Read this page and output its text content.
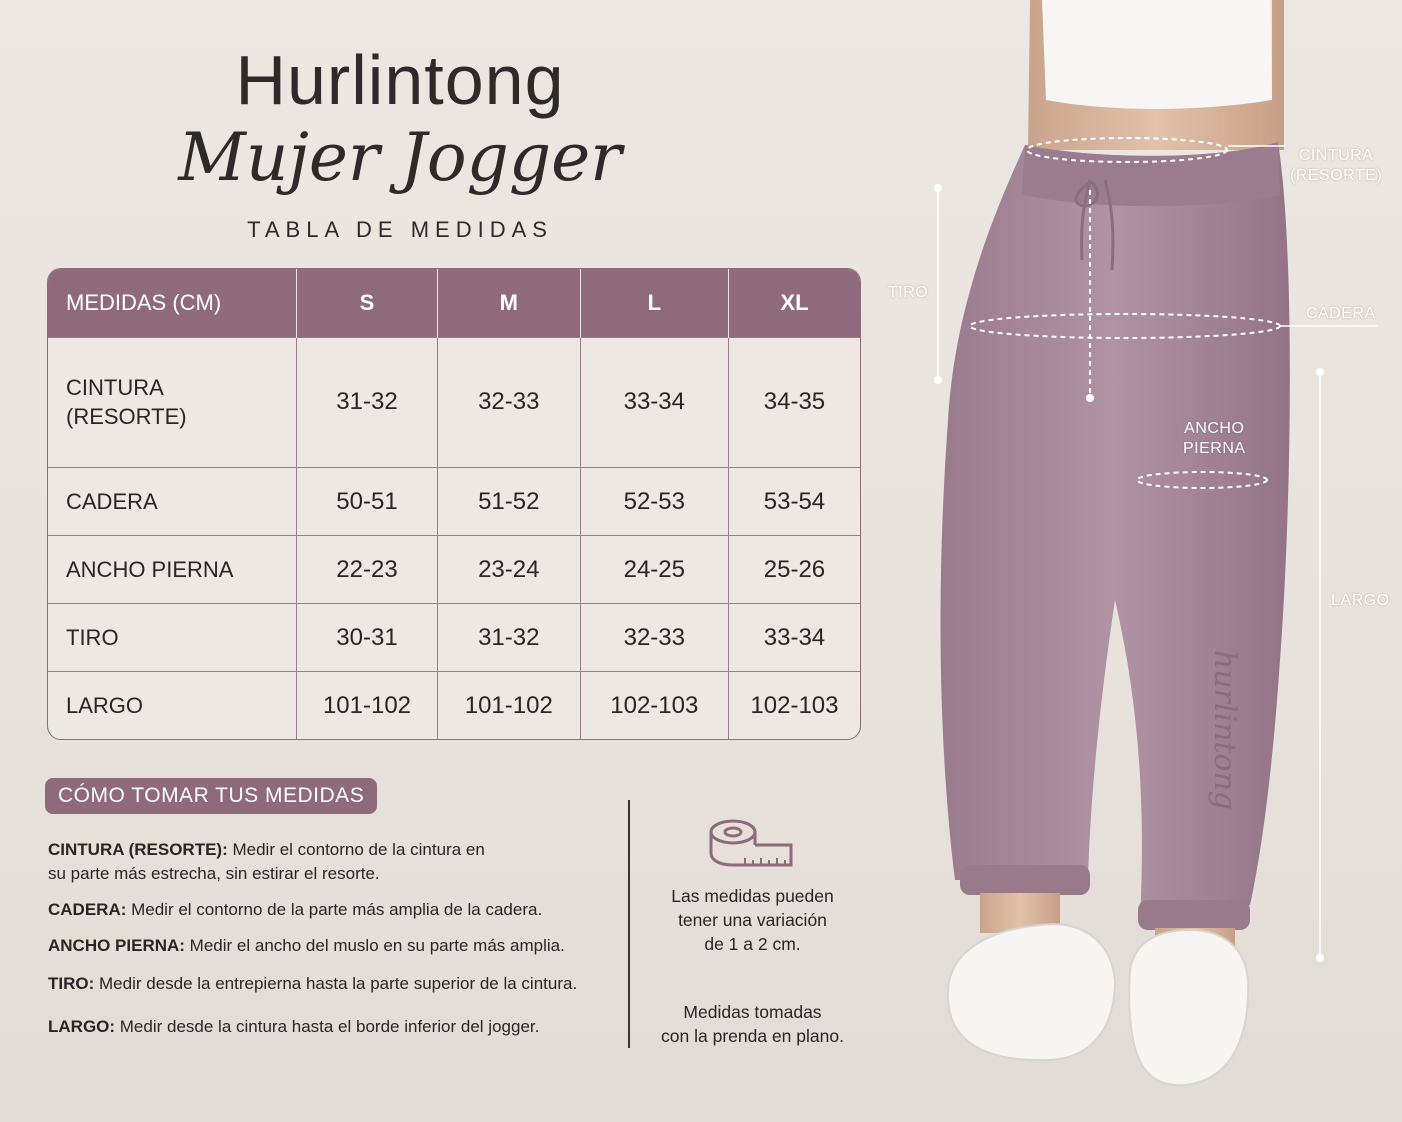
Hurlintong
Mujer Jogger
TABLA DE MEDIDAS
MEDIDAS (CM)	S	M	L	XL
CINTURA
(RESORTE)	31-32	32-33	33-34	34-35
CADERA	50-51	51-52	52-53	53-54
ANCHO PIERNA	22-23	23-24	24-25	25-26
TIRO	30-31	31-32	32-33	33-34
LARGO	101-102	101-102	102-103	102-103
CÓMO TOMAR TUS MEDIDAS
CINTURA (RESORTE): Medir el contorno de la cintura en
su parte más estrecha, sin estirar el resorte.
CADERA: Medir el contorno de la parte más amplia de la cadera.
ANCHO PIERNA: Medir el ancho del muslo en su parte más amplia.
TIRO: Medir desde la entrepierna hasta la parte superior de la cintura.
LARGO: Medir desde la cintura hasta el borde inferior del jogger.
Las medidas pueden
tener una variación
de 1 a 2 cm.
Medidas tomadas
con la prenda en plano.
hurlintong
CINTURA
(RESORTE)
CADERA
TIRO
ANCHO
PIERNA
LARGO
